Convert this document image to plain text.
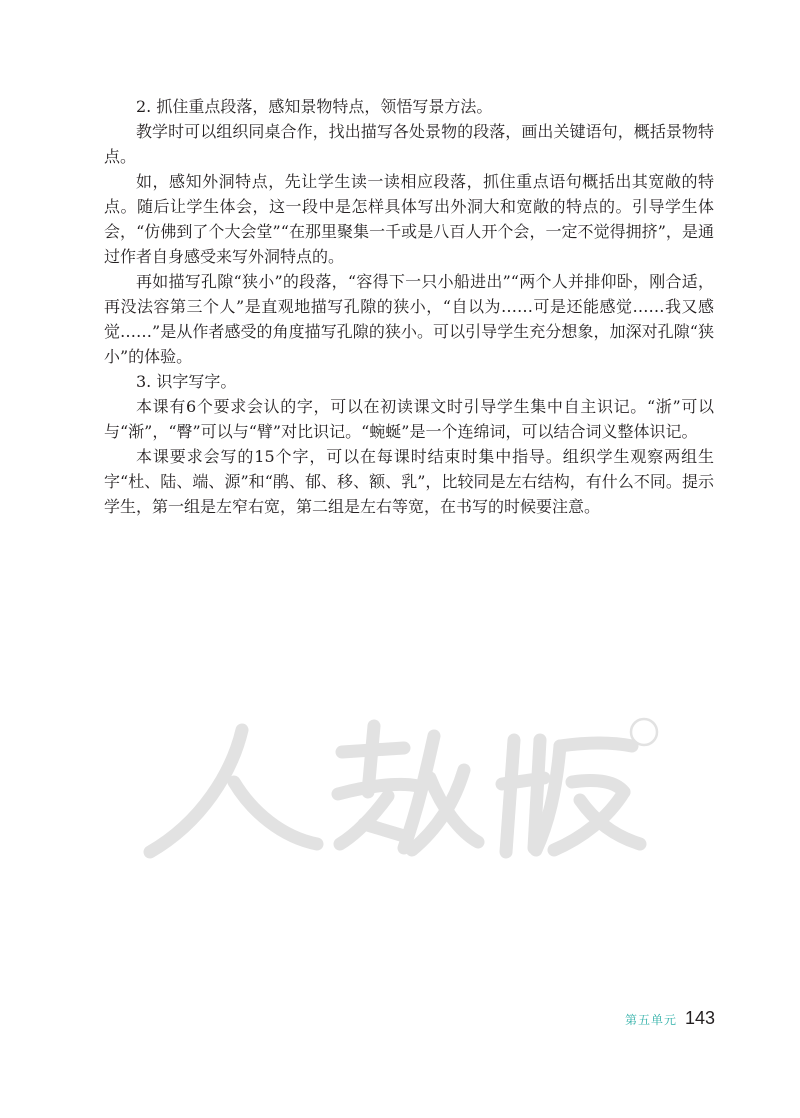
2. 抓住重点段落，感知景物特点，领悟写景方法。

教学时可以组织同桌合作，找出描写各处景物的段落，画出关键语句，概括景物特点。

如，感知外洞特点，先让学生读一读相应段落，抓住重点语句概括出其宽敞的特点。随后让学生体会，这一段中是怎样具体写出外洞大和宽敞的特点的。引导学生体会，“仿佛到了个大会堂”“在那里聚集一千或是八百人开个会，一定不觉得拥挤”，是通过作者自身感受来写外洞特点的。

再如描写孔隙“狭小”的段落，“容得下一只小船进出”“两个人并排仰卧，刚合适，再没法容第三个人”是直观地描写孔隙的狭小，“自以为……可是还能感觉……我又感觉……”是从作者感受的角度描写孔隙的狭小。可以引导学生充分想象，加深对孔隙“狭小”的体验。

3. 识字写字。

本课有6个要求会认的字，可以在初读课文时引导学生集中自主识记。“浙”可以与“渐”，“臀”可以与“臂”对比识记。“蜿蜒”是一个连绵词，可以结合词义整体识记。

本课要求会写的15个字，可以在每课时结束时集中指导。组织学生观察两组生字“杜、陆、端、源”和“鹃、郁、移、额、乳”，比较同是左右结构，有什么不同。提示学生，第一组是左窄右宽，第二组是左右等宽，在书写的时候要注意。

第五单元 143
